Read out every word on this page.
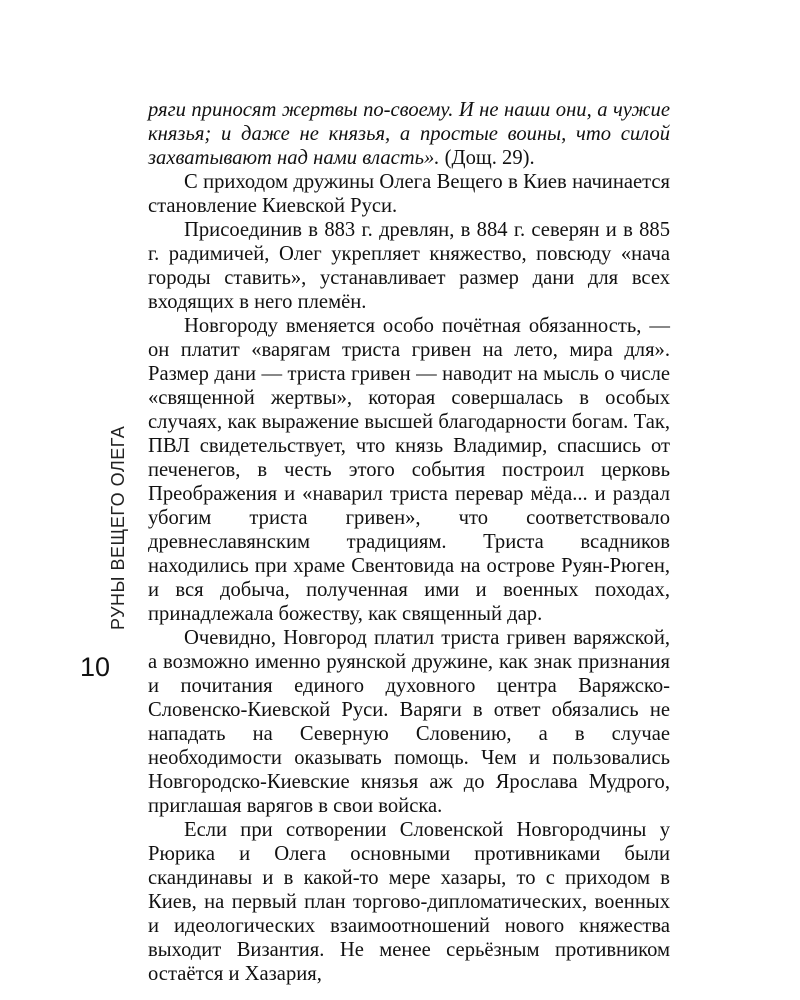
РУНЫ ВЕЩЕГО ОЛЕГА
10

ряги приносят жертвы по-своему. И не наши они, а чужие князья; и даже не князья, а простые воины, что силой захватывают над нами власть». (Дощ. 29).

С приходом дружины Олега Вещего в Киев начинается становление Киевской Руси.

Присоединив в 883 г. древлян, в 884 г. северян и в 885 г. радимичей, Олег укрепляет княжество, повсюду «нача городы ставить», устанавливает размер дани для всех входящих в него племён.

Новгороду вменяется особо почётная обязанность, — он платит «варягам триста гривен на лето, мира для». Размер дани — триста гривен — наводит на мысль о числе «священной жертвы», которая совершалась в особых случаях, как выражение высшей благодарности богам. Так, ПВЛ свидетельствует, что князь Владимир, спасшись от печенегов, в честь этого события построил церковь Преображения и «наварил триста перевар мёда... и раздал убогим триста гривен», что соответствовало древнеславянским традициям. Триста всадников находились при храме Свентовида на острове Руян-Рюген, и вся добыча, полученная ими и военных походах, принадлежала божеству, как священный дар.

Очевидно, Новгород платил триста гривен варяжской, а возможно именно руянской дружине, как знак признания и почитания единого духовного центра Варяжско-Словенско-Киевской Руси. Варяги в ответ обязались не нападать на Северную Словению, а в случае необходимости оказывать помощь. Чем и пользовались Новгородско-Киевские князья аж до Ярослава Мудрого, приглашая варягов в свои войска.

Если при сотворении Словенской Новгородчины у Рюрика и Олега основными противниками были скандинавы и в какой-то мере хазары, то с приходом в Киев, на первый план торгово-дипломатических, военных и идеологических взаимоотношений нового княжества выходит Византия. Не менее серьёзным противником остаётся и Хазария,
